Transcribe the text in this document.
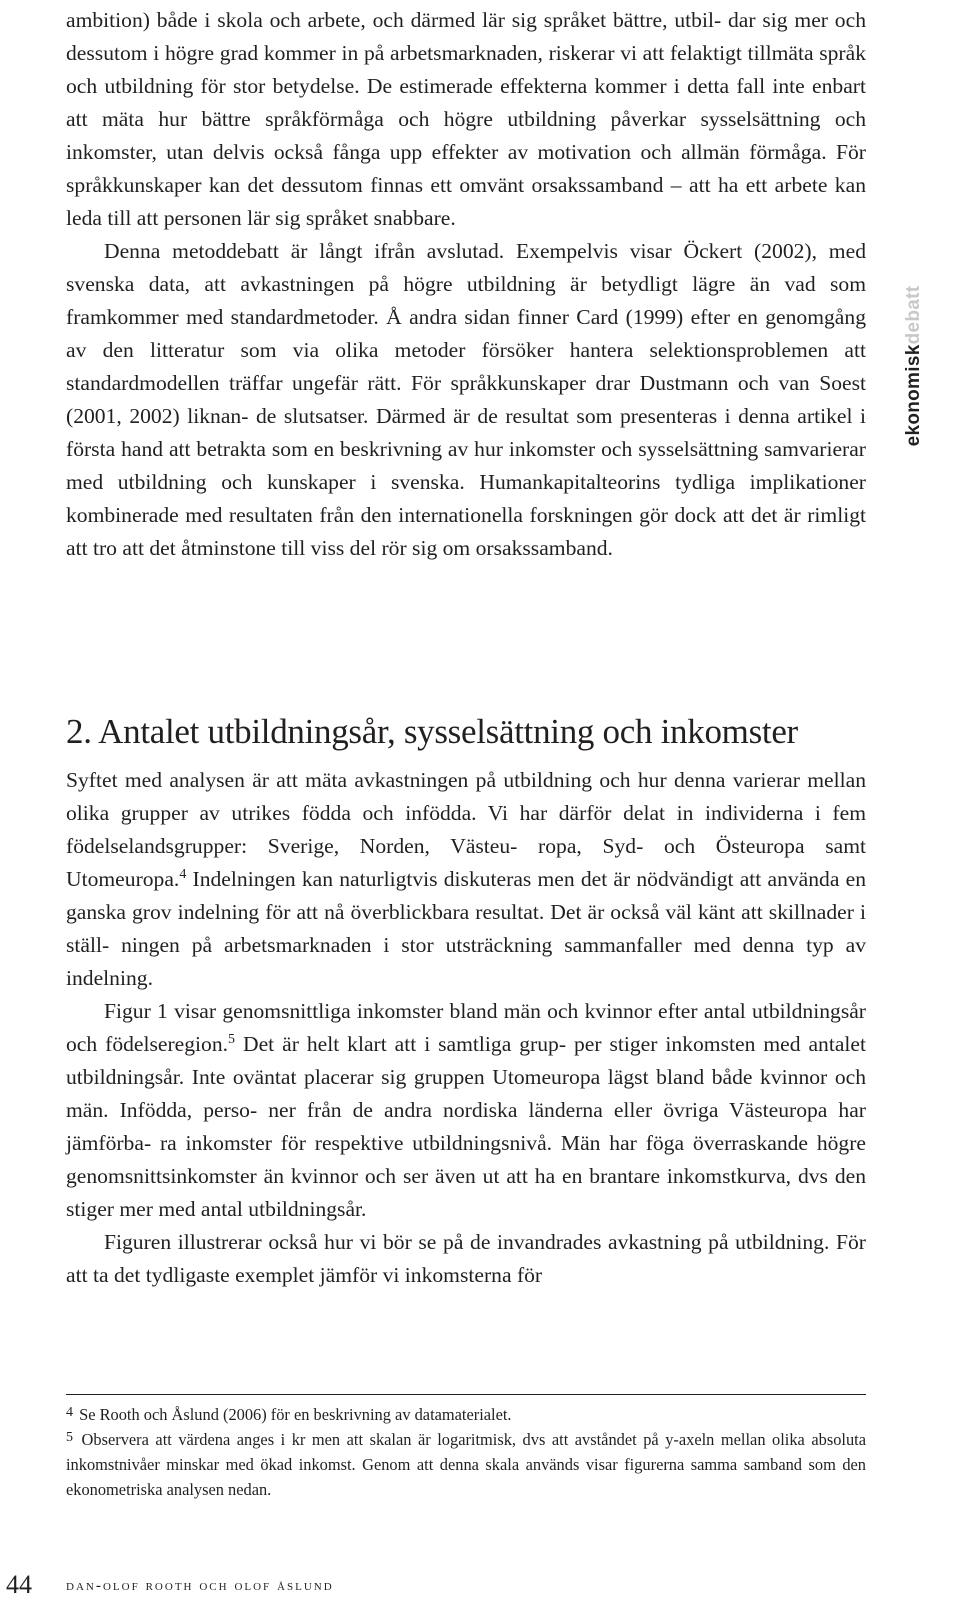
ambition) både i skola och arbete, och därmed lär sig språket bättre, utbil- dar sig mer och dessutom i högre grad kommer in på arbetsmarknaden, riskerar vi att felaktigt tillmäta språk och utbildning för stor betydelse. De estimerade effekterna kommer i detta fall inte enbart att mäta hur bättre språkförmåga och högre utbildning påverkar sysselsättning och inkomster, utan delvis också fånga upp effekter av motivation och allmän förmåga. För språkkunskaper kan det dessutom finnas ett omvänt orsakssamband – att ha ett arbete kan leda till att personen lär sig språket snabbare.

Denna metoddebatt är långt ifrån avslutad. Exempelvis visar Öckert (2002), med svenska data, att avkastningen på högre utbildning är betydligt lägre än vad som framkommer med standardmetoder. Å andra sidan finner Card (1999) efter en genomgång av den litteratur som via olika metoder försöker hantera selektionsproblemen att standardmodellen träffar ungefär rätt. För språkkunskaper drar Dustmann och van Soest (2001, 2002) liknan- de slutsatser. Därmed är de resultat som presenteras i denna artikel i första hand att betrakta som en beskrivning av hur inkomster och sysselsättning samvarierar med utbildning och kunskaper i svenska. Humankapitalteorins tydliga implikationer kombinerade med resultaten från den internationella forskningen gör dock att det är rimligt att tro att det åtminstone till viss del rör sig om orsakssamband.

2. Antalet utbildningsår, sysselsättning och inkomster

Syftet med analysen är att mäta avkastningen på utbildning och hur denna varierar mellan olika grupper av utrikes födda och infödda. Vi har därför delat in individerna i fem födelselandsgrupper: Sverige, Norden, Västeu- ropa, Syd- och Östeuropa samt Utomeuropa.$^4$ Indelningen kan naturligtvis diskuteras men det är nödvändigt att använda en ganska grov indelning för att nå överblickbara resultat. Det är också väl känt att skillnader i ställ- ningen på arbetsmarknaden i stor utsträckning sammanfaller med denna typ av indelning.

Figur 1 visar genomsnittliga inkomster bland män och kvinnor efter antal utbildningsår och födelseregion.$^5$ Det är helt klart att i samtliga grup- per stiger inkomsten med antalet utbildningsår. Inte oväntat placerar sig gruppen Utomeuropa lägst bland både kvinnor och män. Infödda, perso- ner från de andra nordiska länderna eller övriga Västeuropa har jämförba- ra inkomster för respektive utbildningsnivå. Män har föga överraskande högre genomsnittsinkomster än kvinnor och ser även ut att ha en brantare inkomstkurva, dvs den stiger mer med antal utbildningsår.

Figuren illustrerar också hur vi bör se på de invandrades avkastning på utbildning. För att ta det tydligaste exemplet jämför vi inkomsterna för

$^4$ Se Rooth och Åslund (2006) för en beskrivning av datamaterialet.

$^5$ Observera att värdena anges i kr men att skalan är logaritmisk, dvs att avståndet på y-axeln mellan olika absoluta inkomstnivåer minskar med ökad inkomst. Genom att denna skala används visar figurerna samma samband som den ekonometriska analysen nedan.

44 dan-olof rooth och olof åslund
ekonomiskdebatt
